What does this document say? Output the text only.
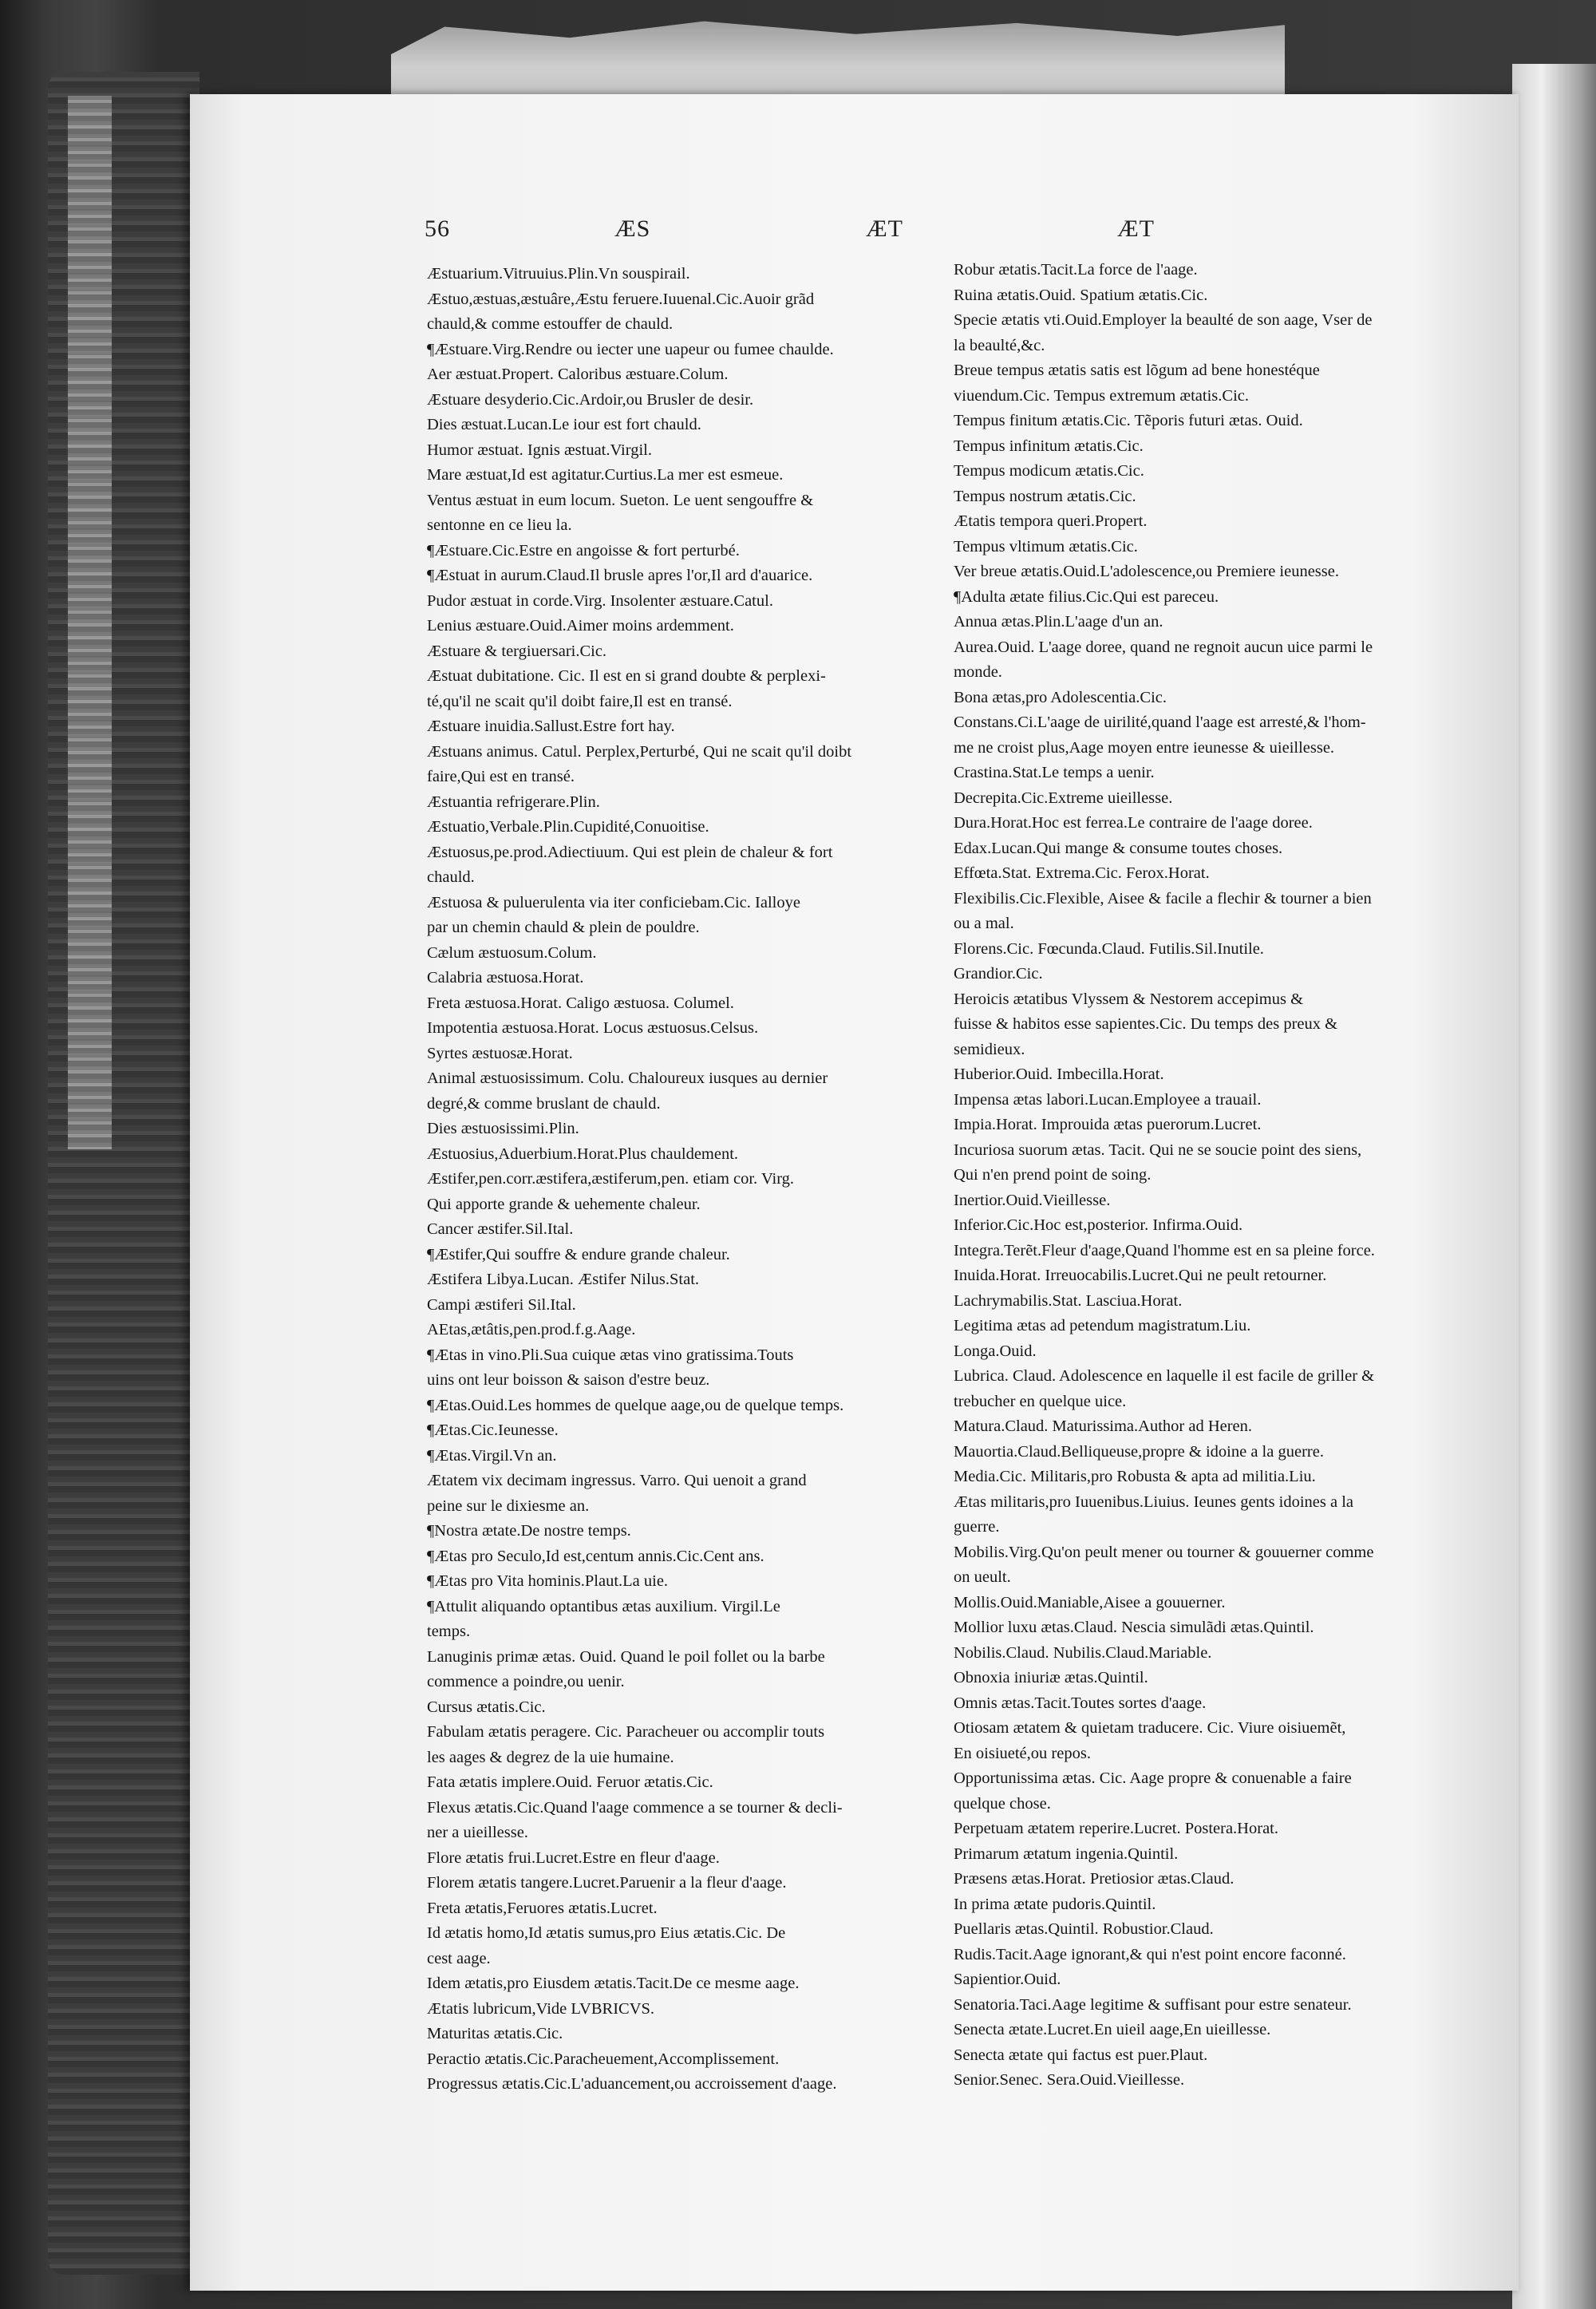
56	ÆS	ÆT	ÆT
Æstuarium.Vitruuius.Plin.Vn souspirail.
Æstuo,æstuas,æstuâre,Æstu feruere.Iuuenal.Cic.Auoir grãd
chauld,& comme estouffer de chauld.
¶Æstuare.Virg.Rendre ou iecter une uapeur ou fumee chaulde.
Aer æstuat.Propert. Caloribus æstuare.Colum.
Æstuare desyderio.Cic.Ardoir,ou Brusler de desir.
Dies æstuat.Lucan.Le iour est fort chauld.
Humor æstuat. Ignis æstuat.Virgil.
Mare æstuat,Id est agitatur.Curtius.La mer est esmeue.
Ventus æstuat in eum locum. Sueton. Le uent sengouffre &
sentonne en ce lieu la.
¶Æstuare.Cic.Estre en angoisse & fort perturbé.
¶Æstuat in aurum.Claud.Il brusle apres l'or,Il ard d'auarice.
Pudor æstuat in corde.Virg. Insolenter æstuare.Catul.
Lenius æstuare.Ouid.Aimer moins ardemment.
Æstuare & tergiuersari.Cic.
Æstuat dubitatione. Cic. Il est en si grand doubte & perplexi-
té,qu'il ne scait qu'il doibt faire,Il est en transé.
Æstuare inuidia.Sallust.Estre fort hay.
Æstuans animus. Catul. Perplex,Perturbé, Qui ne scait qu'il doibt
faire,Qui est en transé.
Æstuantia refrigerare.Plin.
Æstuatio,Verbale.Plin.Cupidité,Conuoitise.
Æstuosus,pe.prod.Adiectiuum. Qui est plein de chaleur & fort
chauld.
Æstuosa & puluerulenta via iter conficiebam.Cic. Ialloye
par un chemin chauld & plein de pouldre.
Cælum æstuosum.Colum.
Calabria æstuosa.Horat.
Freta æstuosa.Horat. Caligo æstuosa. Columel.
Impotentia æstuosa.Horat. Locus æstuosus.Celsus.
Syrtes æstuosæ.Horat.
Animal æstuosissimum. Colu. Chaloureux iusques au dernier
degré,& comme bruslant de chauld.
Dies æstuosissimi.Plin.
Æstuosius,Aduerbium.Horat.Plus chauldement.
Æstifer,pen.corr.æstifera,æstiferum,pen. etiam cor. Virg.
Qui apporte grande & uehemente chaleur.
Cancer æstifer.Sil.Ital.
¶Æstifer,Qui souffre & endure grande chaleur.
Æstifera Libya.Lucan. Æstifer Nilus.Stat.
Campi æstiferi Sil.Ital.
AEtas,ætâtis,pen.prod.f.g.Aage.
¶Ætas in vino.Pli.Sua cuique ætas vino gratissima.Touts
uins ont leur boisson & saison d'estre beuz.
¶Ætas.Ouid.Les hommes de quelque aage,ou de quelque temps.
¶Ætas.Cic.Ieunesse.
¶Ætas.Virgil.Vn an.
Ætatem vix decimam ingressus. Varro. Qui uenoit a grand
peine sur le dixiesme an.
¶Nostra ætate.De nostre temps.
¶Ætas pro Seculo,Id est,centum annis.Cic.Cent ans.
¶Ætas pro Vita hominis.Plaut.La uie.
¶Attulit aliquando optantibus ætas auxilium. Virgil.Le
temps.
Lanuginis primæ ætas. Ouid. Quand le poil follet ou la barbe
commence a poindre,ou uenir.
Cursus ætatis.Cic.
Fabulam ætatis peragere. Cic. Paracheuer ou accomplir touts
les aages & degrez de la uie humaine.
Fata ætatis implere.Ouid. Feruor ætatis.Cic.
Flexus ætatis.Cic.Quand l'aage commence a se tourner & decli-
ner a uieillesse.
Flore ætatis frui.Lucret.Estre en fleur d'aage.
Florem ætatis tangere.Lucret.Paruenir a la fleur d'aage.
Freta ætatis,Feruores ætatis.Lucret.
Id ætatis homo,Id ætatis sumus,pro Eius ætatis.Cic. De
cest aage.
Idem ætatis,pro Eiusdem ætatis.Tacit.De ce mesme aage.
Ætatis lubricum,Vide LVBRICVS.
Maturitas ætatis.Cic.
Peractio ætatis.Cic.Paracheuement,Accomplissement.
Progressus ætatis.Cic.L'aduancement,ou accroissement d'aage.
Robur ætatis.Tacit.La force de l'aage.
Ruina ætatis.Ouid. Spatium ætatis.Cic.
Specie ætatis vti.Ouid.Employer la beaulté de son aage, Vser de
la beaulté,&c.
Breue tempus ætatis satis est lõgum ad bene honestéque
viuendum.Cic. Tempus extremum ætatis.Cic.
Tempus finitum ætatis.Cic. Tẽporis futuri ætas. Ouid.
Tempus infinitum ætatis.Cic.
Tempus modicum ætatis.Cic.
Tempus nostrum ætatis.Cic.
Ætatis tempora queri.Propert.
Tempus vltimum ætatis.Cic.
Ver breue ætatis.Ouid.L'adolescence,ou Premiere ieunesse.
¶Adulta ætate filius.Cic.Qui est pareceu.
Annua ætas.Plin.L'aage d'un an.
Aurea.Ouid. L'aage doree, quand ne regnoit aucun uice parmi le
monde.
Bona ætas,pro Adolescentia.Cic.
Constans.Ci.L'aage de uirilité,quand l'aage est arresté,& l'hom-
me ne croist plus,Aage moyen entre ieunesse & uieillesse.
Crastina.Stat.Le temps a uenir.
Decrepita.Cic.Extreme uieillesse.
Dura.Horat.Hoc est ferrea.Le contraire de l'aage doree.
Edax.Lucan.Qui mange & consume toutes choses.
Effœta.Stat. Extrema.Cic. Ferox.Horat.
Flexibilis.Cic.Flexible, Aisee & facile a flechir & tourner a bien
ou a mal.
Florens.Cic. Fœcunda.Claud. Futilis.Sil.Inutile.
Grandior.Cic.
Heroicis ætatibus Vlyssem & Nestorem accepimus &
fuisse & habitos esse sapientes.Cic. Du temps des preux &
semidieux.
Huberior.Ouid. Imbecilla.Horat.
Impensa ætas labori.Lucan.Employee a trauail.
Impia.Horat. Improuida ætas puerorum.Lucret.
Incuriosa suorum ætas. Tacit. Qui ne se soucie point des siens,
Qui n'en prend point de soing.
Inertior.Ouid.Vieillesse.
Inferior.Cic.Hoc est,posterior. Infirma.Ouid.
Integra.Terẽt.Fleur d'aage,Quand l'homme est en sa pleine force.
Inuida.Horat. Irreuocabilis.Lucret.Qui ne peult retourner.
Lachrymabilis.Stat. Lasciua.Horat.
Legitima ætas ad petendum magistratum.Liu.
Longa.Ouid.
Lubrica. Claud. Adolescence en laquelle il est facile de griller &
trebucher en quelque uice.
Matura.Claud. Maturissima.Author ad Heren.
Mauortia.Claud.Belliqueuse,propre & idoine a la guerre.
Media.Cic. Militaris,pro Robusta & apta ad militia.Liu.
Ætas militaris,pro Iuuenibus.Liuius. Ieunes gents idoines a la
guerre.
Mobilis.Virg.Qu'on peult mener ou tourner & gouuerner comme
on ueult.
Mollis.Ouid.Maniable,Aisee a gouuerner.
Mollior luxu ætas.Claud. Nescia simulãdi ætas.Quintil.
Nobilis.Claud. Nubilis.Claud.Mariable.
Obnoxia iniuriæ ætas.Quintil.
Omnis ætas.Tacit.Toutes sortes d'aage.
Otiosam ætatem & quietam traducere. Cic. Viure oisiuemẽt,
En oisiueté,ou repos.
Opportunissima ætas. Cic. Aage propre & conuenable a faire
quelque chose.
Perpetuam ætatem reperire.Lucret. Postera.Horat.
Primarum ætatum ingenia.Quintil.
Præsens ætas.Horat. Pretiosior ætas.Claud.
In prima ætate pudoris.Quintil.
Puellaris ætas.Quintil. Robustior.Claud.
Rudis.Tacit.Aage ignorant,& qui n'est point encore faconné.
Sapientior.Ouid.
Senatoria.Taci.Aage legitime & suffisant pour estre senateur.
Senecta ætate.Lucret.En uieil aage,En uieillesse.
Senecta ætate qui factus est puer.Plaut.
Senior.Senec. Sera.Ouid.Vieillesse.
